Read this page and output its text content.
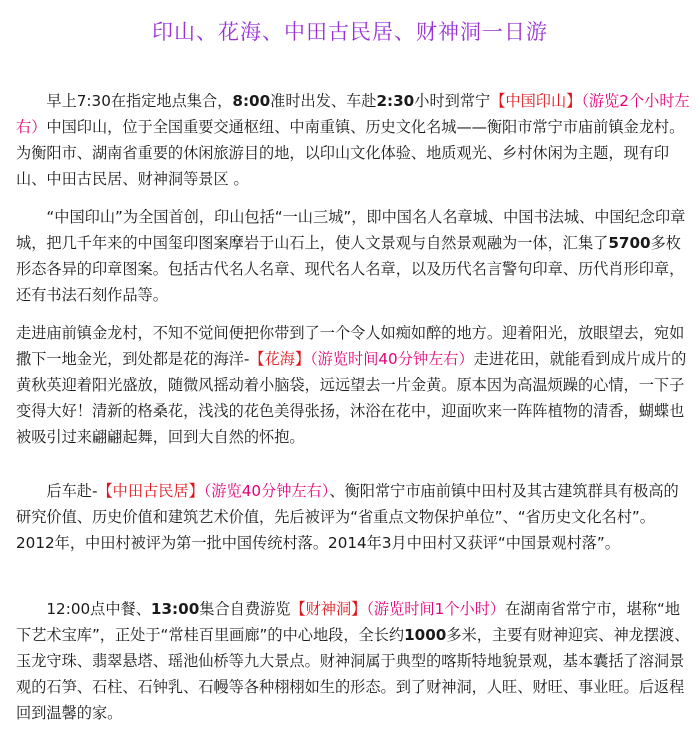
印山、花海、中田古民居、财神洞一日游

早上7:30在指定地点集合，8:00准时出发、车赴2:30小时到常宁【中国印山】（游览2个小时左右）中国印山，位于全国重要交通枢纽、中南重镇、历史文化名城——衡阳市常宁市庙前镇金龙村。为衡阳市、湖南省重要的休闲旅游目的地，以印山文化体验、地质观光、乡村休闲为主题，现有印山、中田古民居、财神洞等景区 。

“中国印山”为全国首创，印山包括“一山三城”，即中国名人名章城、中国书法城、中国纪念印章城，把几千年来的中国玺印图案摩岩于山石上，使人文景观与自然景观融为一体，汇集了5700多枚形态各异的印章图案。包括古代名人名章、现代名人名章，以及历代名言警句印章、历代肖形印章，还有书法石刻作品等。

走进庙前镇金龙村，不知不觉间便把你带到了一个令人如痴如醉的地方。迎着阳光，放眼望去，宛如撒下一地金光，到处都是花的海洋-【花海】（游览时间40分钟左右）走进花田，就能看到成片成片的黄秋英迎着阳光盛放，随微风摇动着小脑袋，远远望去一片金黄。原本因为高温烦躁的心情，一下子变得大好！清新的格桑花，浅浅的花色美得张扬，沐浴在花中，迎面吹来一阵阵植物的清香，蝴蝶也被吸引过来翩翩起舞，回到大自然的怀抱。

后车赴-【中田古民居】（游览40分钟左右）、衡阳常宁市庙前镇中田村及其古建筑群具有极高的研究价值、历史价值和建筑艺术价值，先后被评为“省重点文物保护单位”、“省历史文化名村”。2012年，中田村被评为第一批中国传统村落。2014年3月中田村又获评“中国景观村落”。

12:00点中餐、13:00集合自费游览【财神洞】（游览时间1个小时）在湖南省常宁市，堪称“地下艺术宝库”，正处于“常桂百里画廊”的中心地段，全长约1000多米，主要有财神迎宾、神龙摆渡、玉龙守珠、翡翠悬塔、瑶池仙桥等九大景点。财神洞属于典型的喀斯特地貌景观，基本囊括了溶洞景观的石笋、石柱、石钟乳、石幔等各种栩栩如生的形态。到了财神洞，人旺、财旺、事业旺。后返程回到温馨的家。
